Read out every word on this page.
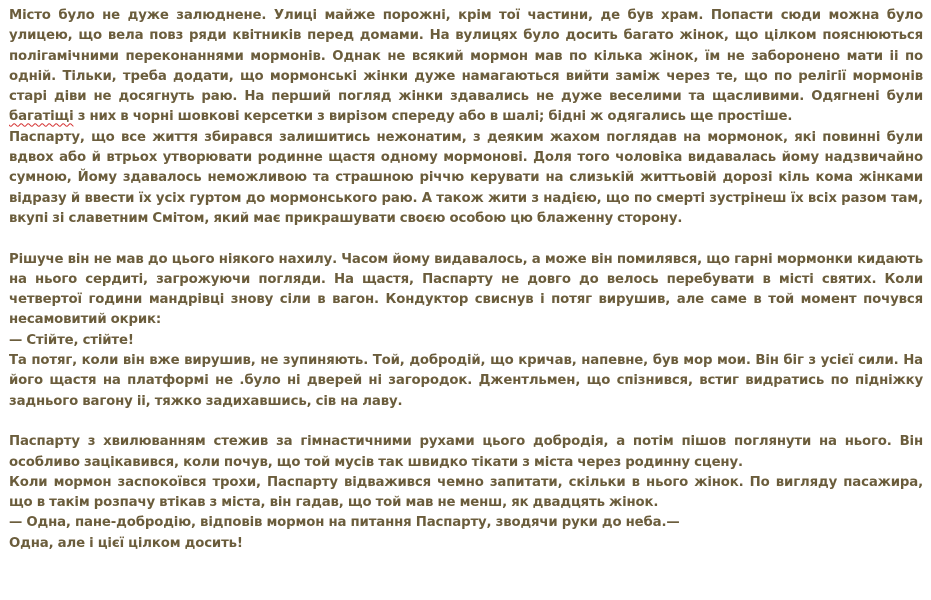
Місто було не дуже залюднене. Улиці майже порожні, крім тої частини, де був храм. Попасти сюди можна було улицею, що вела повз ряди квітників перед домами. На вулицях було досить багато жінок, що цілком пояснюються полігамічними переконаннями мормонів. Однак не всякий мормон мав по кілька жінок, їм не заборонено мати іі по одній. Тільки, треба додати, що мормонські жінки дуже намагаються вийти заміж через те, що по релігії мормонів старі діви не досягнуть раю. На перший погляд жінки здавались не дуже веселими та щасливими. Одягнені були багатіщі з них в чорні шовкові керсетки з вирізом спереду або в шалі; бідні ж одягались ще простіше.

Паспарту, що все життя збирався залишитись нежонатим, з деяким жахом поглядав на мормонок, які повинні були вдвох або й втрьох утворювати родинне щастя одному мормонові. Доля того чоловіка видавалась йому надзвичайно сумною, Йому здавалось неможливою та страшною річчю керувати на слизькій життьовій дорозі кіль кома жінками відразу й ввести їх усіх гуртом до мормонського раю. А також жити з надією, що по смерті зустрінеш їх всіх разом там, вкупі зі славетним Смітом, який має прикрашувати своєю особою цю блаженну сторону.

Рішуче він не мав до цього ніякого нахилу. Часом йому видавалось, а може він помилявся, що гарні мормонки кидають на нього сердиті, загрожуючи погляди. На щастя, Паспарту не довго до велось перебувати в місті святих. Коли четвертої години мандрівці знову сіли в вагон. Кондуктор свиснув і потяг вирушив, але саме в той момент почувся несамовитий окрик:

— Стійте, стійте!

Та потяг, коли він вже вирушив, не зупиняють. Той, добродій, що кричав, напевне, був мор мои. Він біг з усієї сили. На його щастя на платформі не .було ні дверей ні загородок. Джентльмен, що спізнився, встиг видратись по підніжку заднього вагону іі, тяжко задихавшись, сів на лаву.

Паспарту з хвилюванням стежив за гімнастичними рухами цього добродія, а потім пішов поглянути на нього. Він особливо зацікавився, коли почув, що той мусів так швидко тікати з міста через родинну сцену.

Коли мормон заспокоївся трохи, Паспарту відважився чемно запитати, скільки в нього жінок. По вигляду пасажира, що в такім розпачу втікав з міста, він гадав, що той мав не менш, як двадцять жінок.

— Одна, пане-добродію, відповів мормон на питання Паспарту, зводячи руки до неба.—

Одна, але і цієї цілком досить!
